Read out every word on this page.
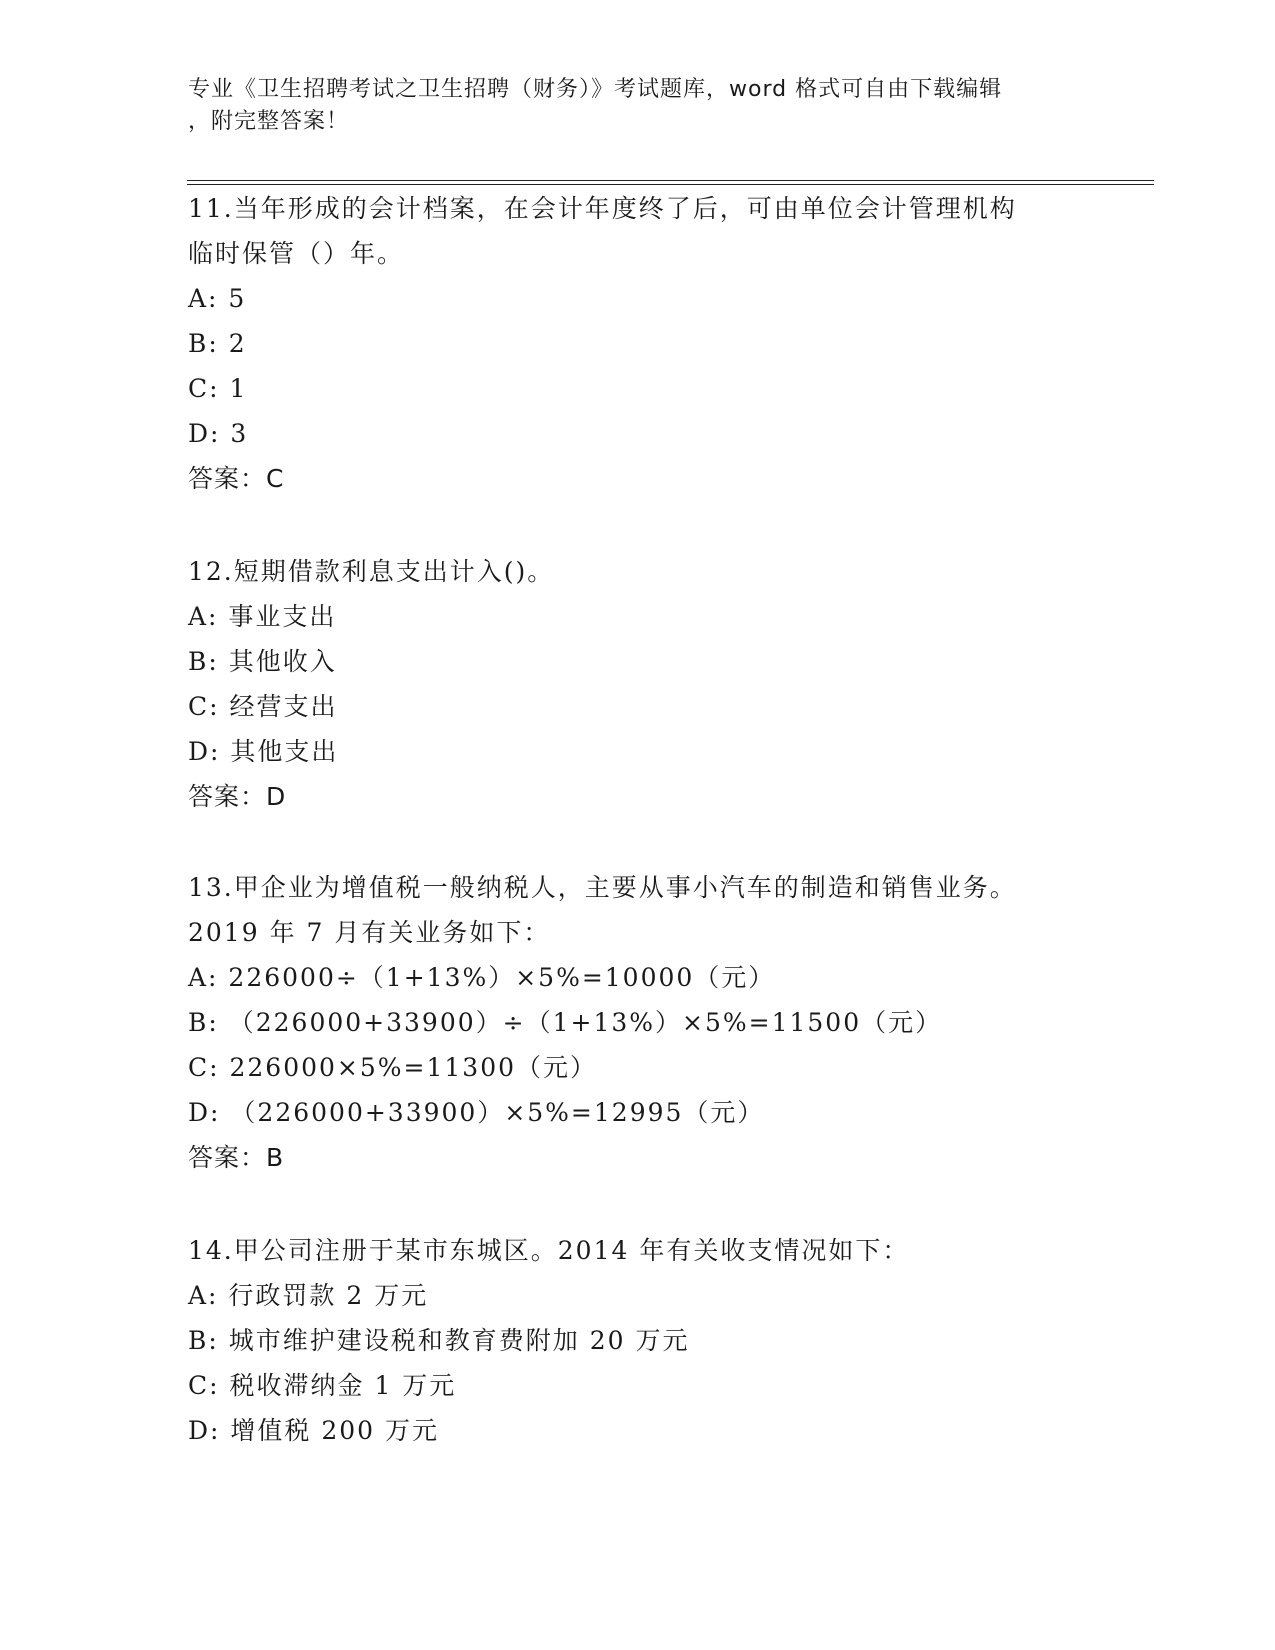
专业《卫生招聘考试之卫生招聘（财务）》考试题库，word 格式可自由下载编辑
，附完整答案！
11.当年形成的会计档案，在会计年度终了后，可由单位会计管理机构
临时保管（）年。
A: 5
B: 2
C: 1
D: 3
答案：C
12.短期借款利息支出计入()。
A: 事业支出
B: 其他收入
C: 经营支出
D: 其他支出
答案：D
13.甲企业为增值税一般纳税人，主要从事小汽车的制造和销售业务。
2019 年 7 月有关业务如下：
A: 226000÷（1+13%）×5%=10000（元）
B: （226000+33900）÷（1+13%）×5%=11500（元）
C: 226000×5%=11300（元）
D: （226000+33900）×5%=12995（元）
答案：B
14.甲公司注册于某市东城区。2014 年有关收支情况如下：
A: 行政罚款 2 万元
B: 城市维护建设税和教育费附加 20 万元
C: 税收滞纳金 1 万元
D: 增值税 200 万元
